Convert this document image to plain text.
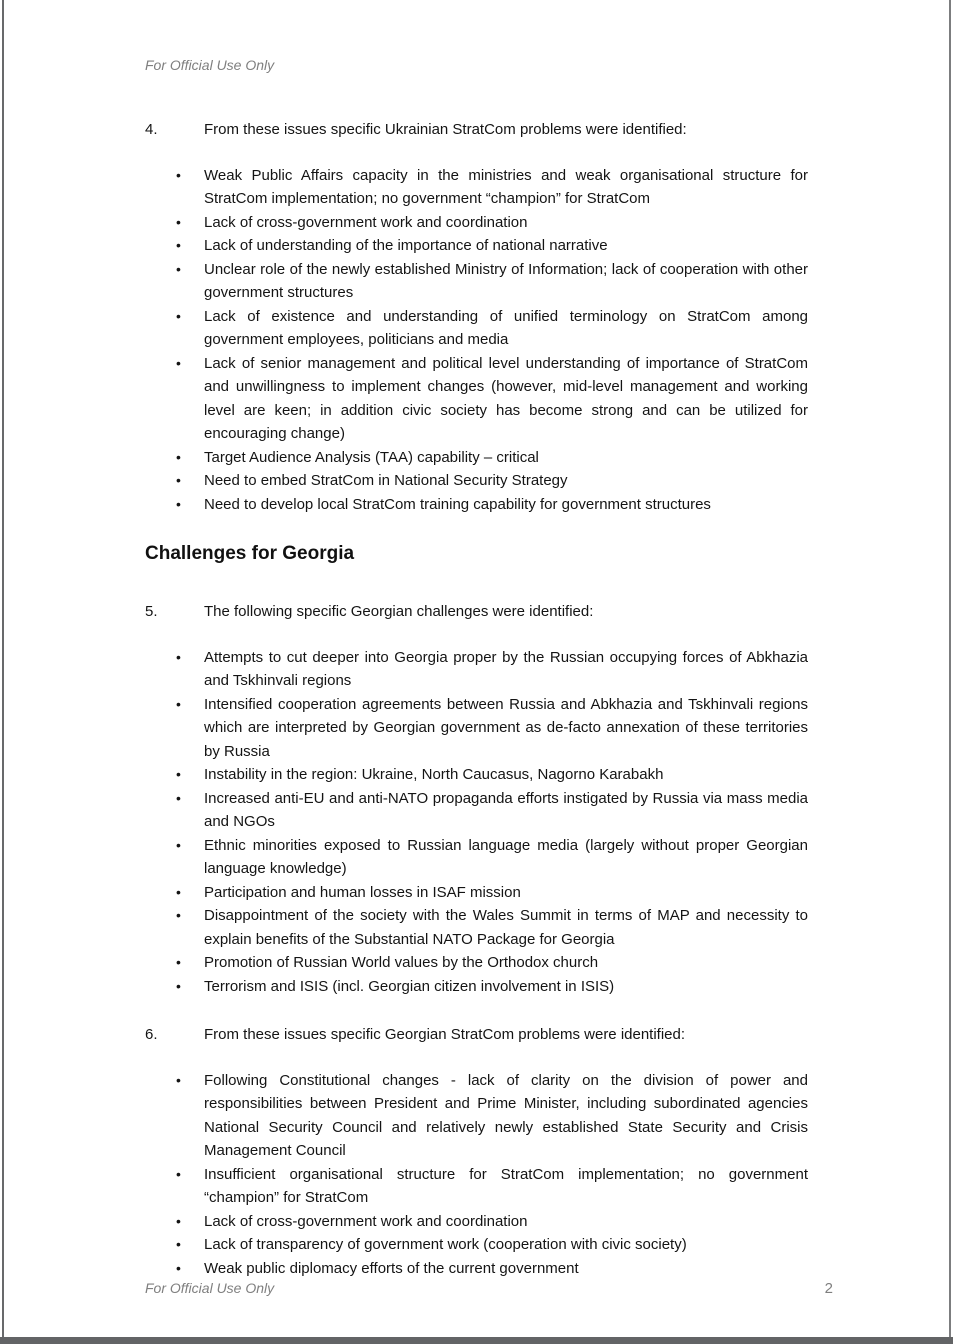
For Official Use Only
4.	From these issues specific Ukrainian StratCom problems were identified:
• Weak Public Affairs capacity in the ministries and weak organisational structure for StratCom implementation; no government “champion” for StratCom
• Lack of cross-government work and coordination
• Lack of understanding of the importance of national narrative
• Unclear role of the newly established Ministry of Information; lack of cooperation with other government structures
• Lack of existence and understanding of unified terminology on StratCom among government employees, politicians and media
• Lack of senior management and political level understanding of importance of StratCom and unwillingness to implement changes (however, mid-level management and working level are keen; in addition civic society has become strong and can be utilized for encouraging change)
• Target Audience Analysis (TAA) capability – critical
• Need to embed StratCom in National Security Strategy
• Need to develop local StratCom training capability for government structures
Challenges for Georgia
5.	The following specific Georgian challenges were identified:
• Attempts to cut deeper into Georgia proper by the Russian occupying forces of Abkhazia and Tskhinvali regions
• Intensified cooperation agreements between Russia and Abkhazia and Tskhinvali regions which are interpreted by Georgian government as de-facto annexation of these territories by Russia
• Instability in the region: Ukraine, North Caucasus, Nagorno Karabakh
• Increased anti-EU and anti-NATO propaganda efforts instigated by Russia via mass media and NGOs
• Ethnic minorities exposed to Russian language media (largely without proper Georgian language knowledge)
• Participation and human losses in ISAF mission
• Disappointment of the society with the Wales Summit in terms of MAP and necessity to explain benefits of the Substantial NATO Package for Georgia
• Promotion of Russian World values by the Orthodox church
• Terrorism and ISIS (incl. Georgian citizen involvement in ISIS)
6.	From these issues specific Georgian StratCom problems were identified:
• Following Constitutional changes - lack of clarity on the division of power and responsibilities between President and Prime Minister, including subordinated agencies National Security Council and relatively newly established State Security and Crisis Management Council
• Insufficient organisational structure for StratCom implementation; no government “champion” for StratCom
• Lack of cross-government work and coordination
• Lack of transparency of government work (cooperation with civic society)
• Weak public diplomacy efforts of the current government
For Official Use Only	2
